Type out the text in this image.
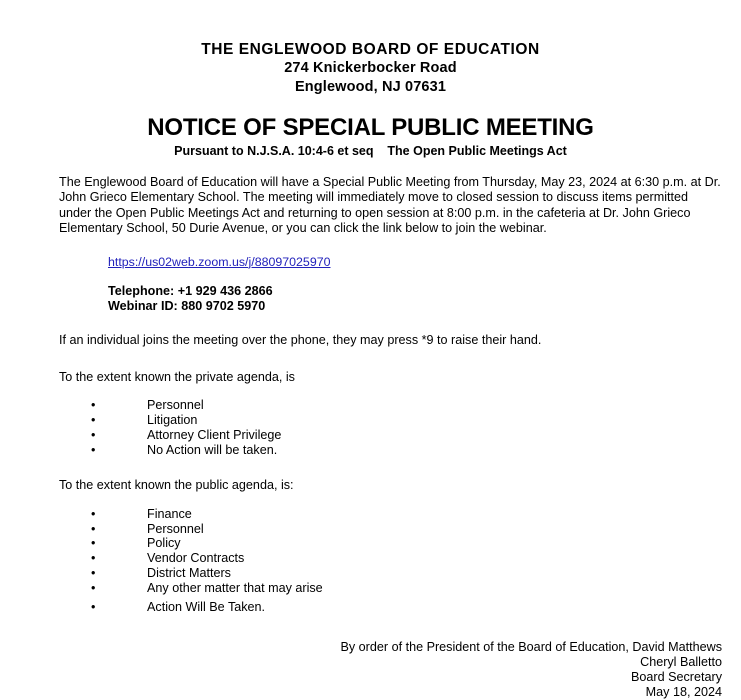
THE ENGLEWOOD BOARD OF EDUCATION
274 Knickerbocker Road
Englewood, NJ 07631
NOTICE OF SPECIAL PUBLIC MEETING
Pursuant to N.J.S.A. 10:4-6 et seq    The Open Public Meetings Act

The Englewood Board of Education will have a Special Public Meeting from Thursday, May 23, 2024 at 6:30 p.m. at Dr. John Grieco Elementary School. The meeting will immediately move to closed session to discuss items permitted under the Open Public Meetings Act and returning to open session at 8:00 p.m. in the cafeteria at Dr. John Grieco Elementary School, 50 Durie Avenue, or you can click the link below to join the webinar.

https://us02web.zoom.us/j/88097025970
Telephone: +1 929 436 2866
Webinar ID: 880 9702 5970

If an individual joins the meeting over the phone, they may press *9 to raise their hand.

To the extent known the private agenda, is

•	Personnel
•	Litigation
•	Attorney Client Privilege
•	No Action will be taken.

To the extent known the public agenda, is:

•	Finance
•	Personnel
•	Policy
•	Vendor Contracts
•	District Matters
•	Any other matter that may arise
•	Action Will Be Taken.
By order of the President of the Board of Education, David Matthews
Cheryl Balletto
Board Secretary
May 18, 2024
